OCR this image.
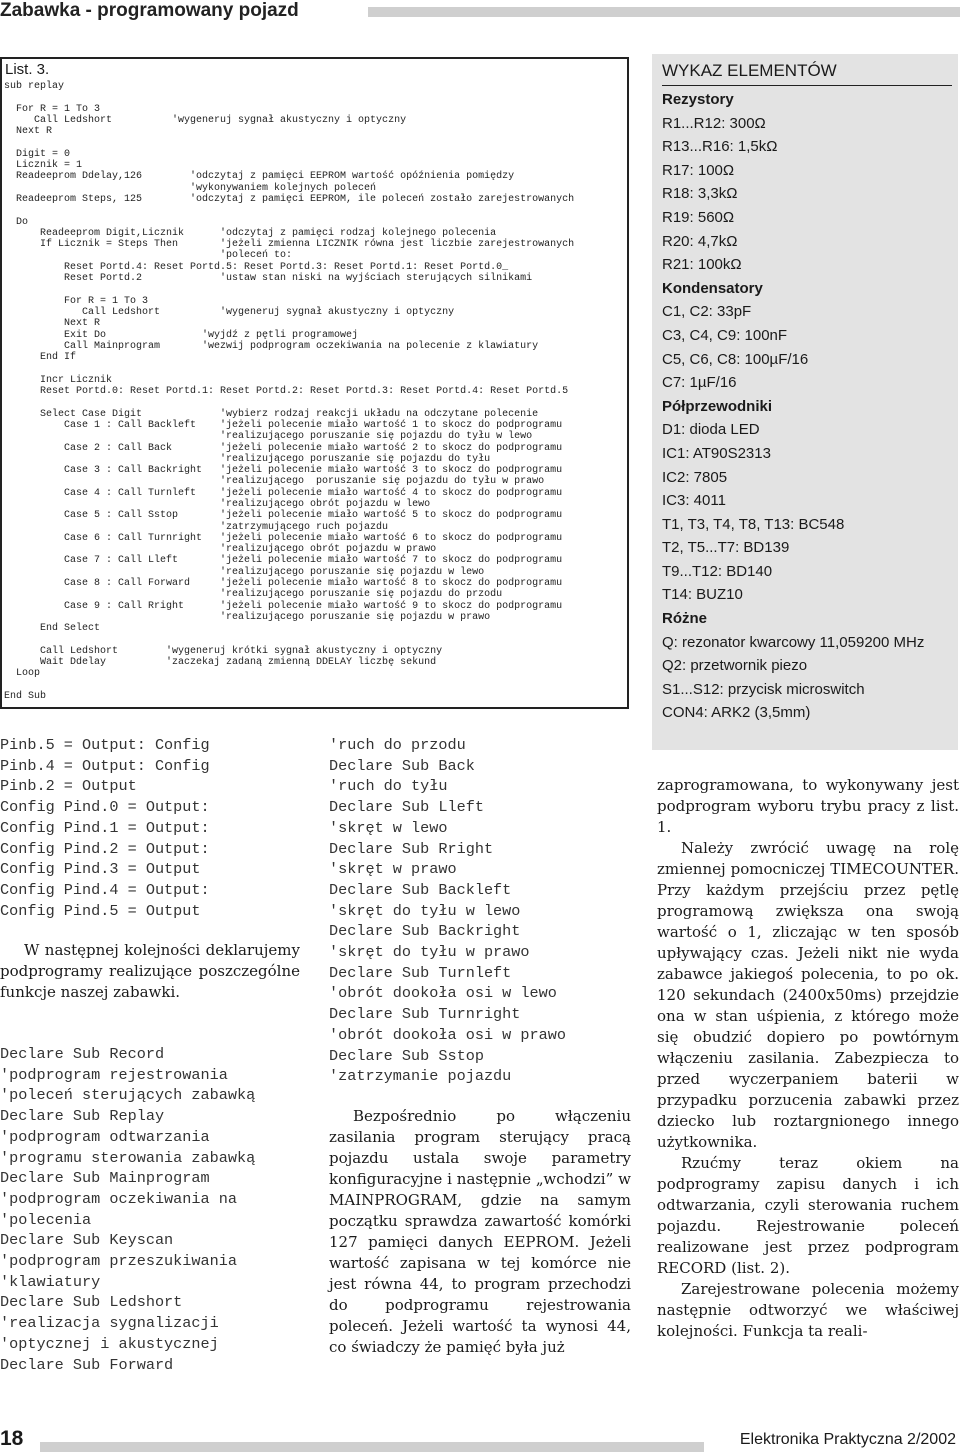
Zabawka - programowany pojazd
List. 3.
sub replay

For R = 1 To 3
Call Ledshort          'wygeneruj sygnał akustyczny i optyczny
Next R

Digit = 0
Licznik = 1
Readeeprom Ddelay,126        'odczytaj z pamięci EEPROM wartość opóźnienia pomiędzy
'wykonywaniem kolejnych poleceń
Readeeprom Steps, 125        'odczytaj z pamięci EEPROM, ile poleceń zostało zarejestrowanych

Do
Readeeprom Digit,Licznik      'odczytaj z pamięci rodzaj kolejnego polecenia
If Licznik = Steps Then       'jeżeli zmienna LICZNIK równa jest liczbie zarejestrowanych
'poleceń to:
Reset Portd.4: Reset Portd.5: Reset Portd.3: Reset Portd.1: Reset Portd.0_
Reset Portd.2             'ustaw stan niski na wyjściach sterujących silnikami

For R = 1 To 3
Call Ledshort          'wygeneruj sygnał akustyczny i optyczny
Next R
Exit Do                'wyjdź z pętli programowej
Call Mainprogram       'wezwij podprogram oczekiwania na polecenie z klawiatury
End If

Incr Licznik
Reset Portd.0: Reset Portd.1: Reset Portd.2: Reset Portd.3: Reset Portd.4: Reset Portd.5

Select Case Digit             'wybierz rodzaj reakcji układu na odczytane polecenie
Case 1 : Call Backleft    'jeżeli polecenie miało wartość 1 to skocz do podprogramu
'realizującego poruszanie się pojazdu do tyłu w lewo
Case 2 : Call Back        'jeżeli polecenie miało wartość 2 to skocz do podprogramu
'realizującego poruszanie się pojazdu do tyłu
Case 3 : Call Backright   'jeżeli polecenie miało wartość 3 to skocz do podprogramu
'realizującego  poruszanie się pojazdu do tyłu w prawo
Case 4 : Call Turnleft    'jeżeli polecenie miało wartość 4 to skocz do podprogramu
'realizującego obrót pojazdu w lewo
Case 5 : Call Sstop       'jeżeli polecenie miało wartość 5 to skocz do podprogramu
'zatrzymującego ruch pojazdu
Case 6 : Call Turnright   'jeżeli polecenie miało wartość 6 to skocz do podprogramu
'realizującego obrót pojazdu w prawo
Case 7 : Call Lleft       'jeżeli polecenie miało wartość 7 to skocz do podprogramu
'realizującego poruszanie się pojazdu w lewo
Case 8 : Call Forward     'jeżeli polecenie miało wartość 8 to skocz do podprogramu
'realizującego poruszanie się pojazdu do przodu
Case 9 : Call Rright      'jeżeli polecenie miało wartość 9 to skocz do podprogramu
'realizującego poruszanie się pojazdu w prawo
End Select

Call Ledshort        'wygeneruj krótki sygnał akustyczny i optyczny
Wait Ddelay          'zaczekaj zadaną zmienną DDELAY liczbę sekund
Loop

End Sub
Pinb.5 = Output: Config
Pinb.4 = Output: Config
Pinb.2 = Output
Config Pind.0 = Output:
Config Pind.1 = Output:
Config Pind.2 = Output:
Config Pind.3 = Output
Config Pind.4 = Output:
Config Pind.5 = Output

W następnej kolejności deklarujemy podprogramy realizujące poszczególne funkcje naszej zabawki.

Declare Sub Record
'podprogram rejestrowania
'poleceń sterujących zabawką
Declare Sub Replay
'podprogram odtwarzania
'programu sterowania zabawką
Declare Sub Mainprogram
'podprogram oczekiwania na
'polecenia
Declare Sub Keyscan
'podprogram przeszukiwania
'klawiatury
Declare Sub Ledshort
'realizacja sygnalizacji
'optycznej i akustycznej
Declare Sub Forward
'ruch do przodu
Declare Sub Back
'ruch do tyłu
Declare Sub Lleft
'skręt w lewo
Declare Sub Rright
'skręt w prawo
Declare Sub Backleft
'skręt do tyłu w lewo
Declare Sub Backright
'skręt do tyłu w prawo
Declare Sub Turnleft
'obrót dookoła osi w lewo
Declare Sub Turnright
'obrót dookoła osi w prawo
Declare Sub Sstop
'zatrzymanie pojazdu

Bezpośrednio po włączeniu zasilania program sterujący pracą pojazdu ustala swoje parametry konfiguracyjne i następnie „wchodzi” w MAINPROGRAM, gdzie na samym początku sprawdza zawartość komórki 127 pamięci danych EEPROM. Jeżeli wartość zapisana w tej komórce nie jest równa 44, to program przechodzi do podprogramu rejestrowania poleceń. Jeżeli wartość ta wynosi 44, co świadczy że pamięć była już

WYKAZ ELEMENTÓW
Rezystory
R1...R12: 300Ω
R13...R16: 1,5kΩ
R17: 100Ω
R18: 3,3kΩ
R19: 560Ω
R20: 4,7kΩ
R21: 100kΩ
Kondensatory
C1, C2: 33pF
C3, C4, C9: 100nF
C5, C6, C8: 100µF/16
C7: 1µF/16
Półprzewodniki
D1: dioda LED
IC1: AT90S2313
IC2: 7805
IC3: 4011
T1, T3, T4, T8, T13: BC548
T2, T5...T7: BD139
T9...T12: BD140
T14: BUZ10
Różne
Q: rezonator kwarcowy 11,059200 MHz
Q2: przetwornik piezo
S1...S12: przycisk microswitch
CON4: ARK2 (3,5mm)

zaprogramowana, to wykonywany jest podprogram wyboru trybu pracy z list. 1.

Należy zwrócić uwagę na rolę zmiennej pomocniczej TIMECOUNTER. Przy każdym przejściu przez pętlę programową zwiększa ona swoją wartość o 1, zliczając w ten sposób upływający czas. Jeżeli nikt nie wyda zabawce jakiegoś polecenia, to po ok. 120 sekundach (2400x50ms) przejdzie ona w stan uśpienia, z którego może się obudzić dopiero po powtórnym włączeniu zasilania. Zabezpiecza to przed wyczerpaniem baterii w przypadku porzucenia zabawki przez dziecko lub roztargnionego innego użytkownika.

Rzućmy teraz okiem na podprogramy zapisu danych i ich odtwarzania, czyli sterowania ruchem pojazdu. Rejestrowanie poleceń realizowane jest przez podprogram RECORD (list. 2).

Zarejestrowane polecenia możemy następnie odtworzyć we właściwej kolejności. Funkcja ta reali-

18	Elektronika Praktyczna 2/2002
